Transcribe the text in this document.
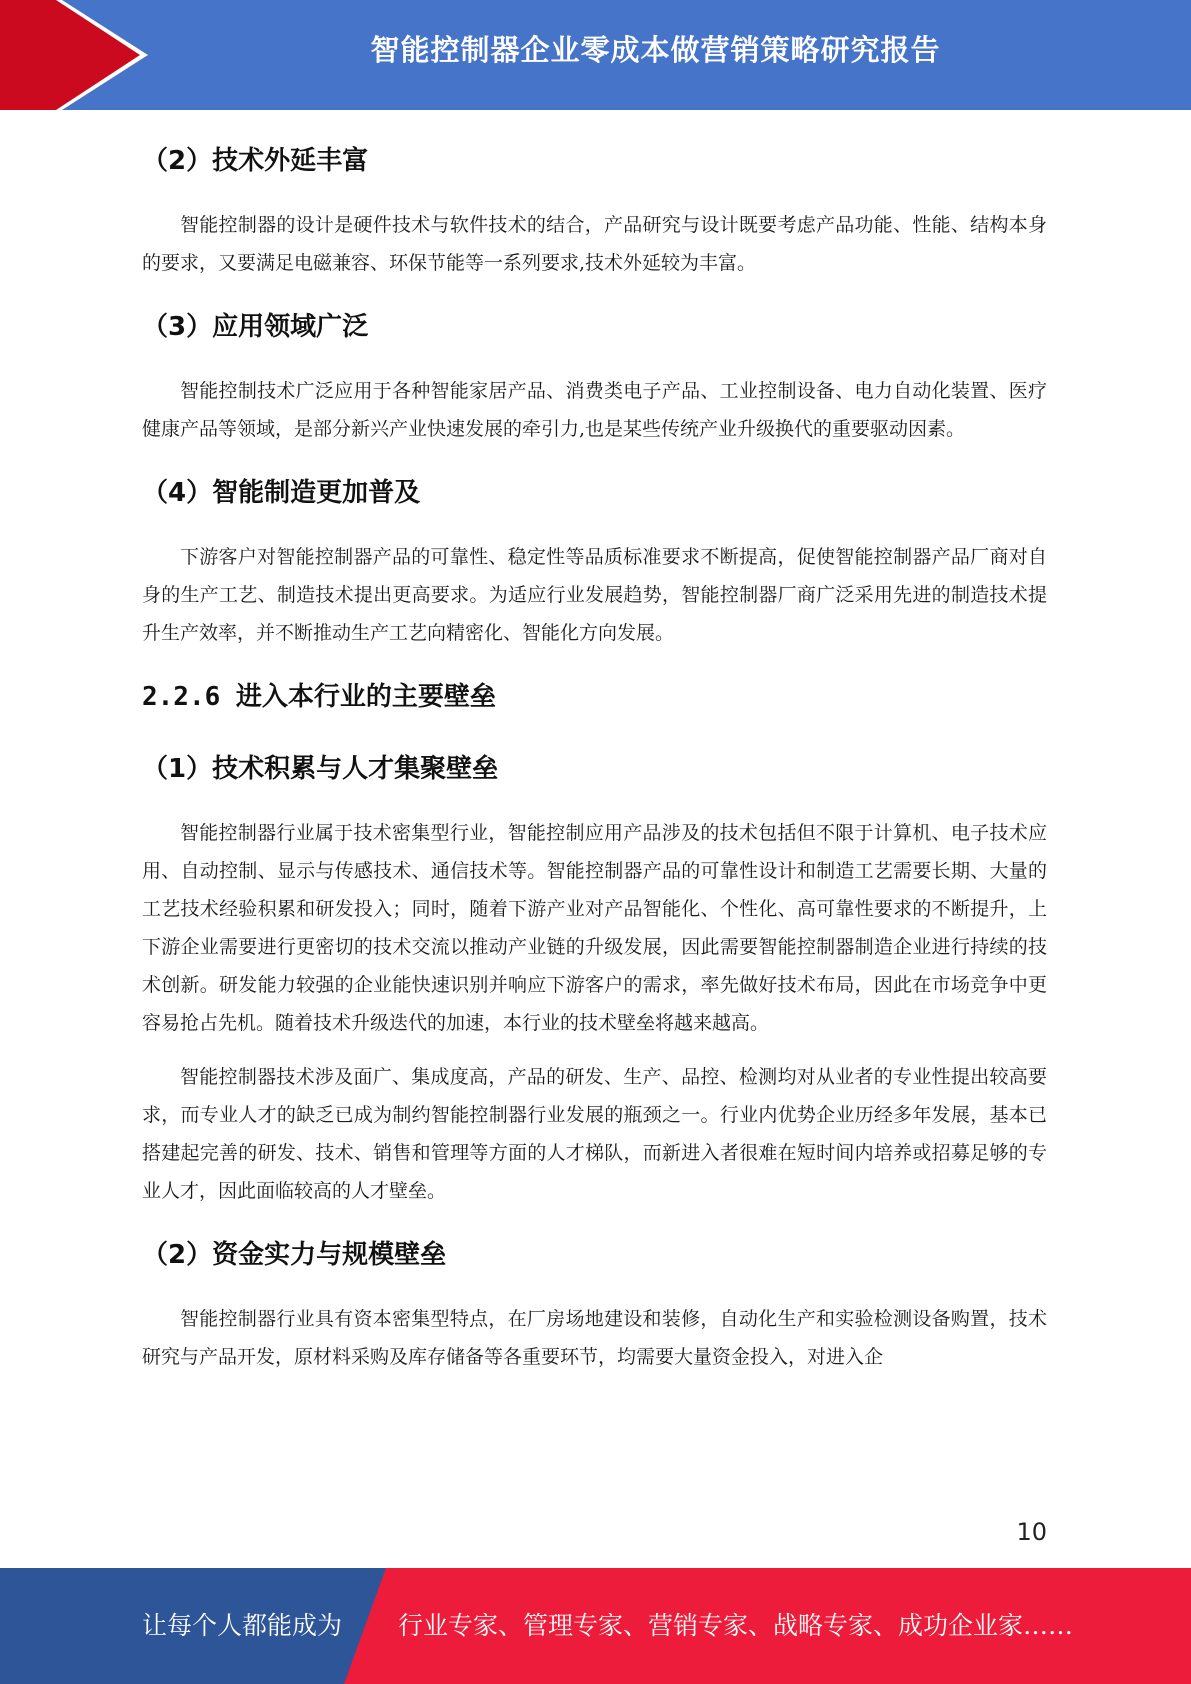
智能控制器企业零成本做营销策略研究报告
（2）技术外延丰富
智能控制器的设计是硬件技术与软件技术的结合，产品研究与设计既要考虑产品功能、性能、结构本身的要求，又要满足电磁兼容、环保节能等一系列要求,技术外延较为丰富。
（3）应用领域广泛
智能控制技术广泛应用于各种智能家居产品、消费类电子产品、工业控制设备、电力自动化装置、医疗健康产品等领域，是部分新兴产业快速发展的牵引力,也是某些传统产业升级换代的重要驱动因素。
（4）智能制造更加普及
下游客户对智能控制器产品的可靠性、稳定性等品质标准要求不断提高，促使智能控制器产品厂商对自身的生产工艺、制造技术提出更高要求。为适应行业发展趋势，智能控制器厂商广泛采用先进的制造技术提升生产效率，并不断推动生产工艺向精密化、智能化方向发展。
2.2.6 进入本行业的主要壁垒
（1）技术积累与人才集聚壁垒
智能控制器行业属于技术密集型行业，智能控制应用产品涉及的技术包括但不限于计算机、电子技术应用、自动控制、显示与传感技术、通信技术等。智能控制器产品的可靠性设计和制造工艺需要长期、大量的工艺技术经验积累和研发投入；同时，随着下游产业对产品智能化、个性化、高可靠性要求的不断提升，上下游企业需要进行更密切的技术交流以推动产业链的升级发展，因此需要智能控制器制造企业进行持续的技术创新。研发能力较强的企业能快速识别并响应下游客户的需求，率先做好技术布局，因此在市场竞争中更容易抢占先机。随着技术升级迭代的加速，本行业的技术壁垒将越来越高。
智能控制器技术涉及面广、集成度高，产品的研发、生产、品控、检测均对从业者的专业性提出较高要求，而专业人才的缺乏已成为制约智能控制器行业发展的瓶颈之一。行业内优势企业历经多年发展，基本已搭建起完善的研发、技术、销售和管理等方面的人才梯队，而新进入者很难在短时间内培养或招募足够的专业人才，因此面临较高的人才壁垒。
（2）资金实力与规模壁垒
智能控制器行业具有资本密集型特点，在厂房场地建设和装修，自动化生产和实验检测设备购置，技术研究与产品开发，原材料采购及库存储备等各重要环节，均需要大量资金投入，对进入企
10
让每个人都能成为 行业专家、管理专家、营销专家、战略专家、成功企业家……
